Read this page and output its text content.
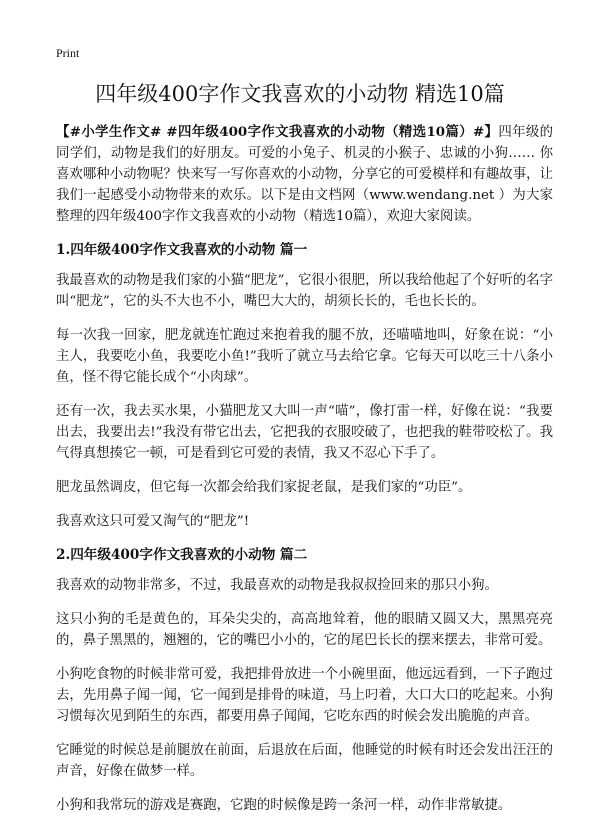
Print
四年级400字作文我喜欢的小动物 精选10篇

【#小学生作文# #四年级400字作文我喜欢的小动物（精选10篇）#】四年级的同学们，动物是我们的好朋友。可爱的小兔子、机灵的小猴子、忠诚的小狗…… 你喜欢哪种小动物呢？快来写一写你喜欢的小动物，分享它的可爱模样和有趣故事，让我们一起感受小动物带来的欢乐。以下是由文档网（www.wendang.net ）为大家整理的四年级400字作文我喜欢的小动物（精选10篇），欢迎大家阅读。

1.四年级400字作文我喜欢的小动物 篇一

我最喜欢的动物是我们家的小猫“肥龙”，它很小很肥，所以我给他起了个好听的名字叫“肥龙”，它的头不大也不小，嘴巴大大的，胡须长长的，毛也长长的。

每一次我一回家，肥龙就连忙跑过来抱着我的腿不放，还喵喵地叫，好象在说：“小主人，我要吃小鱼，我要吃小鱼!”我听了就立马去给它拿。它每天可以吃三十八条小鱼，怪不得它能长成个“小肉球”。

还有一次，我去买水果，小猫肥龙又大叫一声“喵”，像打雷一样，好像在说：“我要出去，我要出去!”我没有带它出去，它把我的衣服咬破了，也把我的鞋带咬松了。我气得真想揍它一顿，可是看到它可爱的表情，我又不忍心下手了。

肥龙虽然调皮，但它每一次都会给我们家捉老鼠，是我们家的“功臣”。

我喜欢这只可爱又淘气的“肥龙”!

2.四年级400字作文我喜欢的小动物 篇二

我喜欢的动物非常多，不过，我最喜欢的动物是我叔叔捡回来的那只小狗。

这只小狗的毛是黄色的，耳朵尖尖的，高高地耸着，他的眼睛又圆又大，黑黑亮亮的，鼻子黑黑的，翘翘的，它的嘴巴小小的，它的尾巴长长的摆来摆去，非常可爱。

小狗吃食物的时候非常可爱，我把排骨放进一个小碗里面，他远远看到，一下子跑过去，先用鼻子闻一闻，它一闻到是排骨的味道，马上叼着，大口大口的吃起来。小狗习惯每次见到陌生的东西，都要用鼻子闻闻，它吃东西的时候会发出脆脆的声音。

它睡觉的时候总是前腿放在前面，后退放在后面，他睡觉的时候有时还会发出汪汪的声音，好像在做梦一样。

小狗和我常玩的游戏是赛跑，它跑的时候像是跨一条河一样，动作非常敏捷。
